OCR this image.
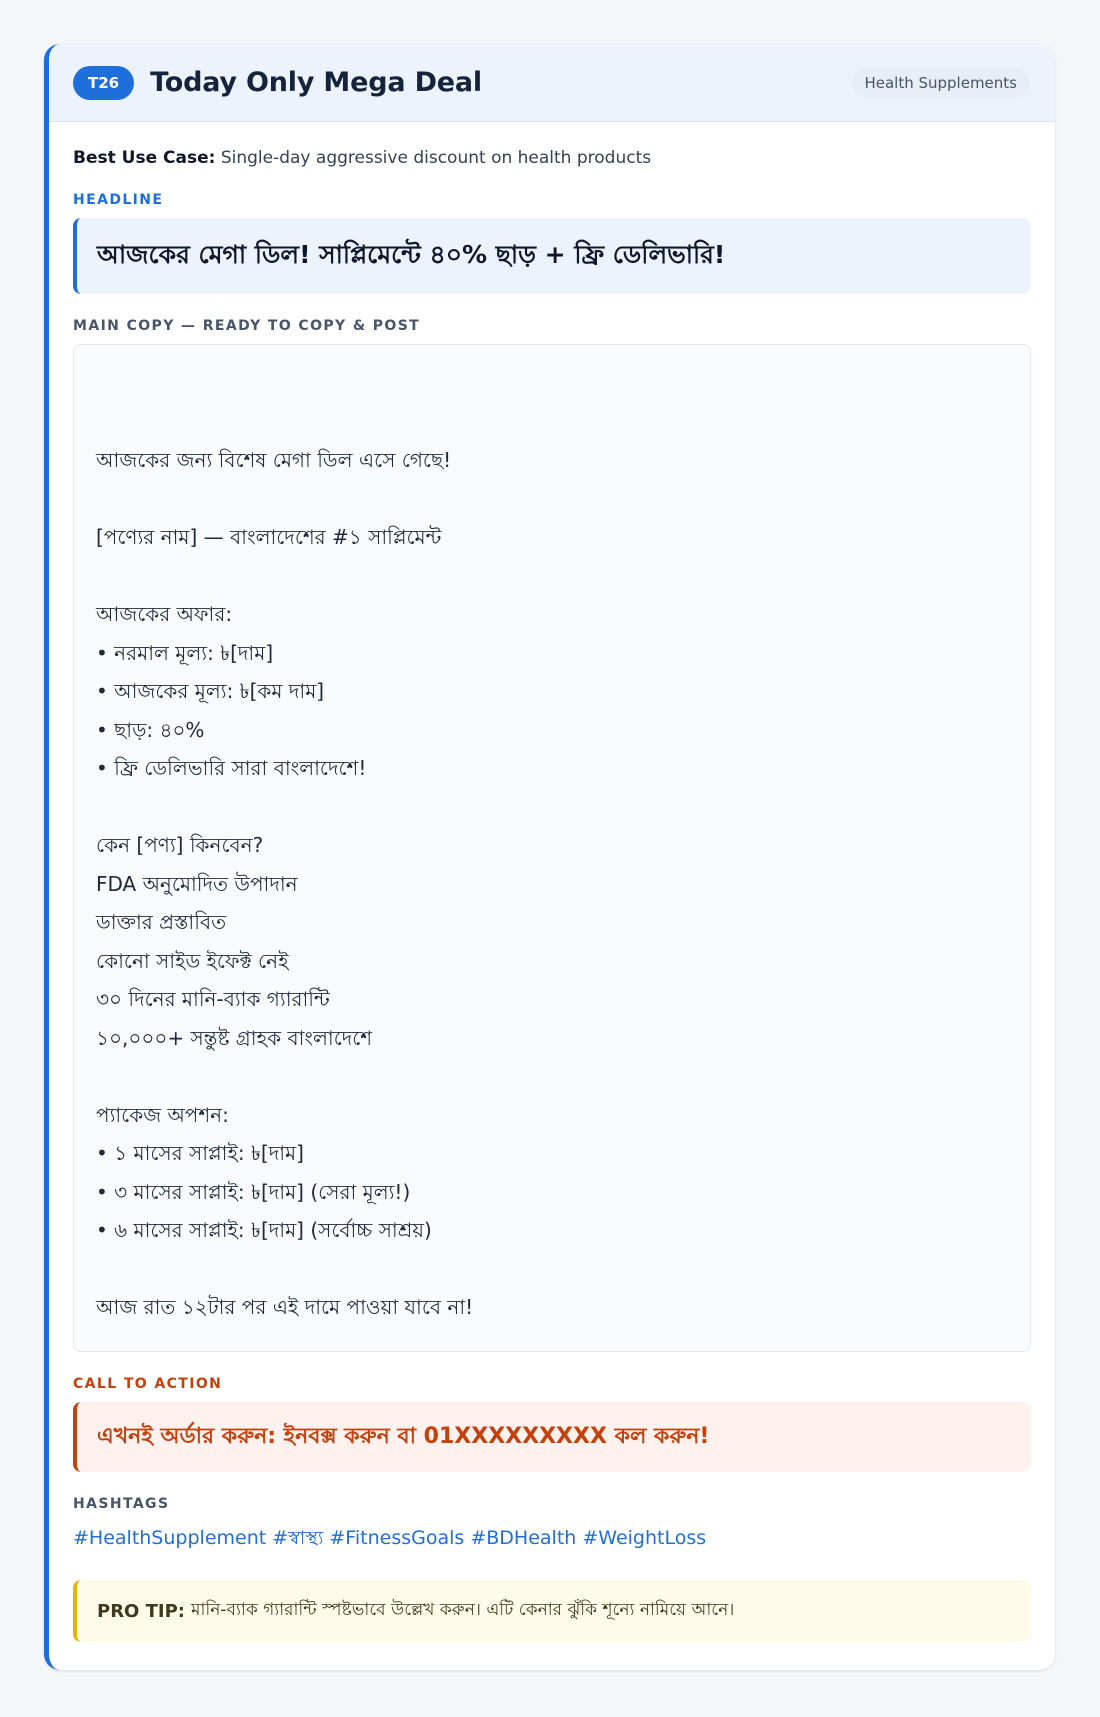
T26	Today Only Mega Deal	Health Supplements
Best Use Case: Single-day aggressive discount on health products
HEADLINE
আজকের মেগা ডিল! সাপ্লিমেন্টে ৪০% ছাড় + ফ্রি ডেলিভারি!
MAIN COPY — READY TO COPY & POST
আজকের জন্য বিশেষ মেগা ডিল এসে গেছে!
[পণ্যের নাম] — বাংলাদেশের #১ সাপ্লিমেন্ট
আজকের অফার:
• নরমাল মূল্য: ৳[দাম]
• আজকের মূল্য: ৳[কম দাম]
• ছাড়: ৪০%
• ফ্রি ডেলিভারি সারা বাংলাদেশে!
কেন [পণ্য] কিনবেন?
FDA অনুমোদিত উপাদান
ডাক্তার প্রস্তাবিত
কোনো সাইড ইফেক্ট নেই
৩০ দিনের মানি-ব্যাক গ্যারান্টি
১০,০০০+ সন্তুষ্ট গ্রাহক বাংলাদেশে
প্যাকেজ অপশন:
• ১ মাসের সাপ্লাই: ৳[দাম]
• ৩ মাসের সাপ্লাই: ৳[দাম] (সেরা মূল্য!)
• ৬ মাসের সাপ্লাই: ৳[দাম] (সর্বোচ্চ সাশ্রয়)
আজ রাত ১২টার পর এই দামে পাওয়া যাবে না!
CALL TO ACTION
এখনই অর্ডার করুন: ইনবক্স করুন বা 01XXXXXXXXX কল করুন!
HASHTAGS
#HealthSupplement #স্বাস্থ্য #FitnessGoals #BDHealth #WeightLoss
PRO TIP: মানি-ব্যাক গ্যারান্টি স্পষ্টভাবে উল্লেখ করুন। এটি কেনার ঝুঁকি শূন্যে নামিয়ে আনে।
